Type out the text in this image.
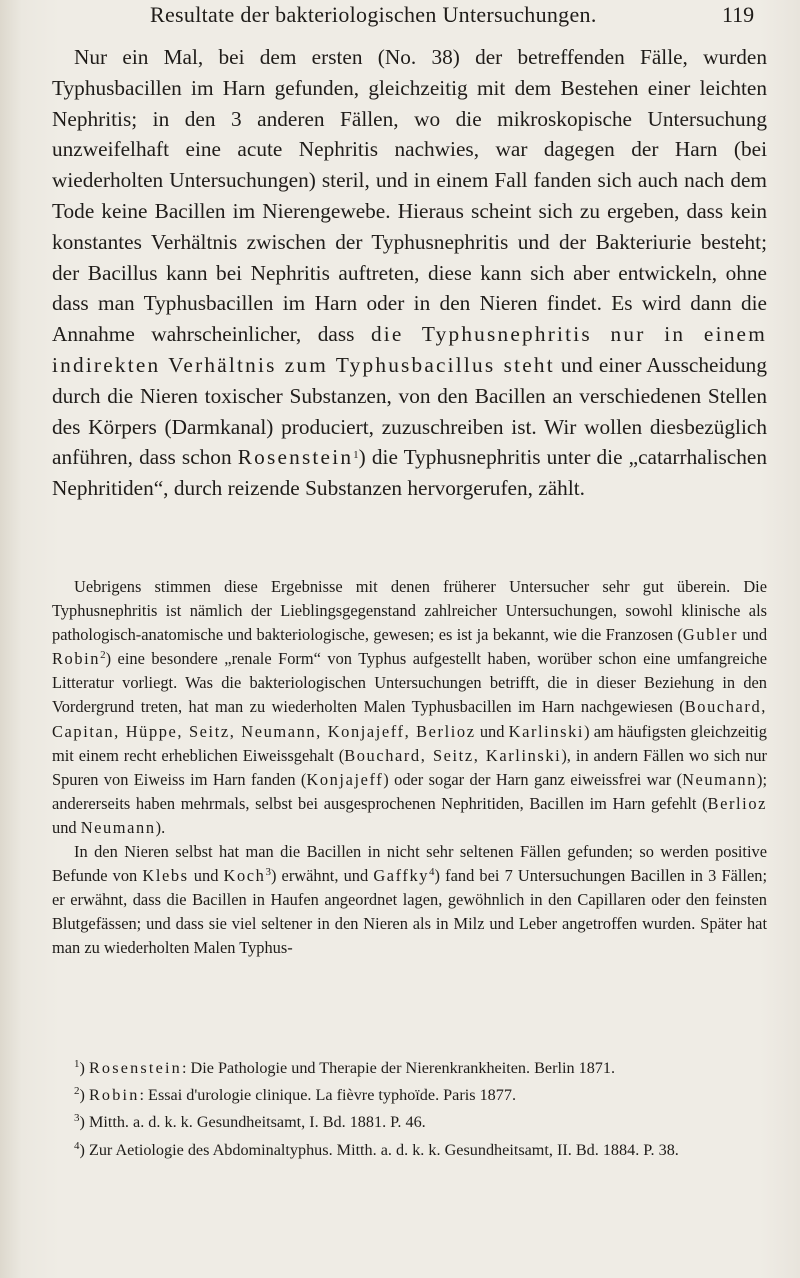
Resultate der bakteriologischen Untersuchungen.	119

Nur ein Mal, bei dem ersten (No. 38) der betreffenden Fälle, wurden Typhusbacillen im Harn gefunden, gleichzeitig mit dem Bestehen einer leichten Nephritis; in den 3 anderen Fällen, wo die mikroskopische Untersuchung unzweifelhaft eine acute Nephritis nachwies, war dagegen der Harn (bei wiederholten Untersuchungen) steril, und in einem Fall fanden sich auch nach dem Tode keine Bacillen im Nierengewebe. Hieraus scheint sich zu ergeben, dass kein konstantes Verhältnis zwischen der Typhusnephritis und der Bakteriurie besteht; der Bacillus kann bei Nephritis auftreten, diese kann sich aber entwickeln, ohne dass man Typhusbacillen im Harn oder in den Nieren findet. Es wird dann die Annahme wahrscheinlicher, dass die Typhusnephritis nur in einem indirekten Verhältnis zum Typhusbacillus steht und einer Ausscheidung durch die Nieren toxischer Substanzen, von den Bacillen an verschiedenen Stellen des Körpers (Darmkanal) produciert, zuzuschreiben ist. Wir wollen diesbezüglich anführen, dass schon Rosenstein$^1$) die Typhusnephritis unter die „catarrhalischen Nephritiden“, durch reizende Substanzen hervorgerufen, zählt.

Uebrigens stimmen diese Ergebnisse mit denen früherer Untersucher sehr gut überein. Die Typhusnephritis ist nämlich der Lieblingsgegenstand zahlreicher Untersuchungen, sowohl klinische als pathologisch-anatomische und bakteriologische, gewesen; es ist ja bekannt, wie die Franzosen (Gubler und Robin$^2$) eine besondere „renale Form“ von Typhus aufgestellt haben, worüber schon eine umfangreiche Litteratur vorliegt. Was die bakteriologischen Untersuchungen betrifft, die in dieser Beziehung in den Vordergrund treten, hat man zu wiederholten Malen Typhusbacillen im Harn nachgewiesen (Bouchard, Capitan, Hüppe, Seitz, Neumann, Konjajeff, Berlioz und Karlinski) am häufigsten gleichzeitig mit einem recht erheblichen Eiweissgehalt (Bouchard, Seitz, Karlinski), in andern Fällen wo sich nur Spuren von Eiweiss im Harn fanden (Konjajeff) oder sogar der Harn ganz eiweissfrei war (Neumann); andererseits haben mehrmals, selbst bei ausgesprochenen Nephritiden, Bacillen im Harn gefehlt (Berlioz und Neumann).

In den Nieren selbst hat man die Bacillen in nicht sehr seltenen Fällen gefunden; so werden positive Befunde von Klebs und Koch$^3$) erwähnt, und Gaffky$^4$) fand bei 7 Untersuchungen Bacillen in 3 Fällen; er erwähnt, dass die Bacillen in Haufen angeordnet lagen, gewöhnlich in den Capillaren oder den feinsten Blutgefässen; und dass sie viel seltener in den Nieren als in Milz und Leber angetroffen wurden. Später hat man zu wiederholten Malen Typhus-

$^1$) Rosenstein: Die Pathologie und Therapie der Nierenkrankheiten. Berlin 1871.

$^2$) Robin: Essai d'urologie clinique. La fièvre typhoïde. Paris 1877.

$^3$) Mitth. a. d. k. k. Gesundheitsamt, I. Bd. 1881. P. 46.

$^4$) Zur Aetiologie des Abdominaltyphus. Mitth. a. d. k. k. Gesundheitsamt, II. Bd. 1884. P. 38.
